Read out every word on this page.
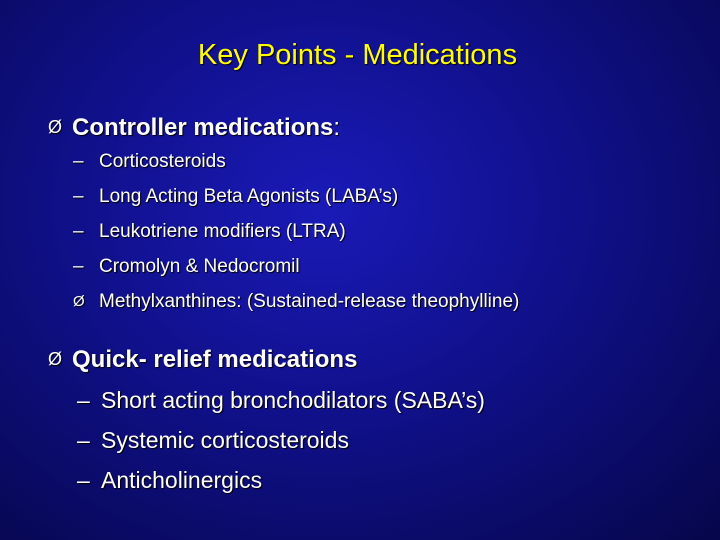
Key Points - Medications
Ø Controller medications:
– Corticosteroids
– Long Acting Beta Agonists (LABA’s)
– Leukotriene modifiers (LTRA)
– Cromolyn & Nedocromil
Ø Methylxanthines: (Sustained-release theophylline)
Ø Quick- relief medications
– Short acting bronchodilators (SABA’s)
– Systemic corticosteroids
– Anticholinergics
